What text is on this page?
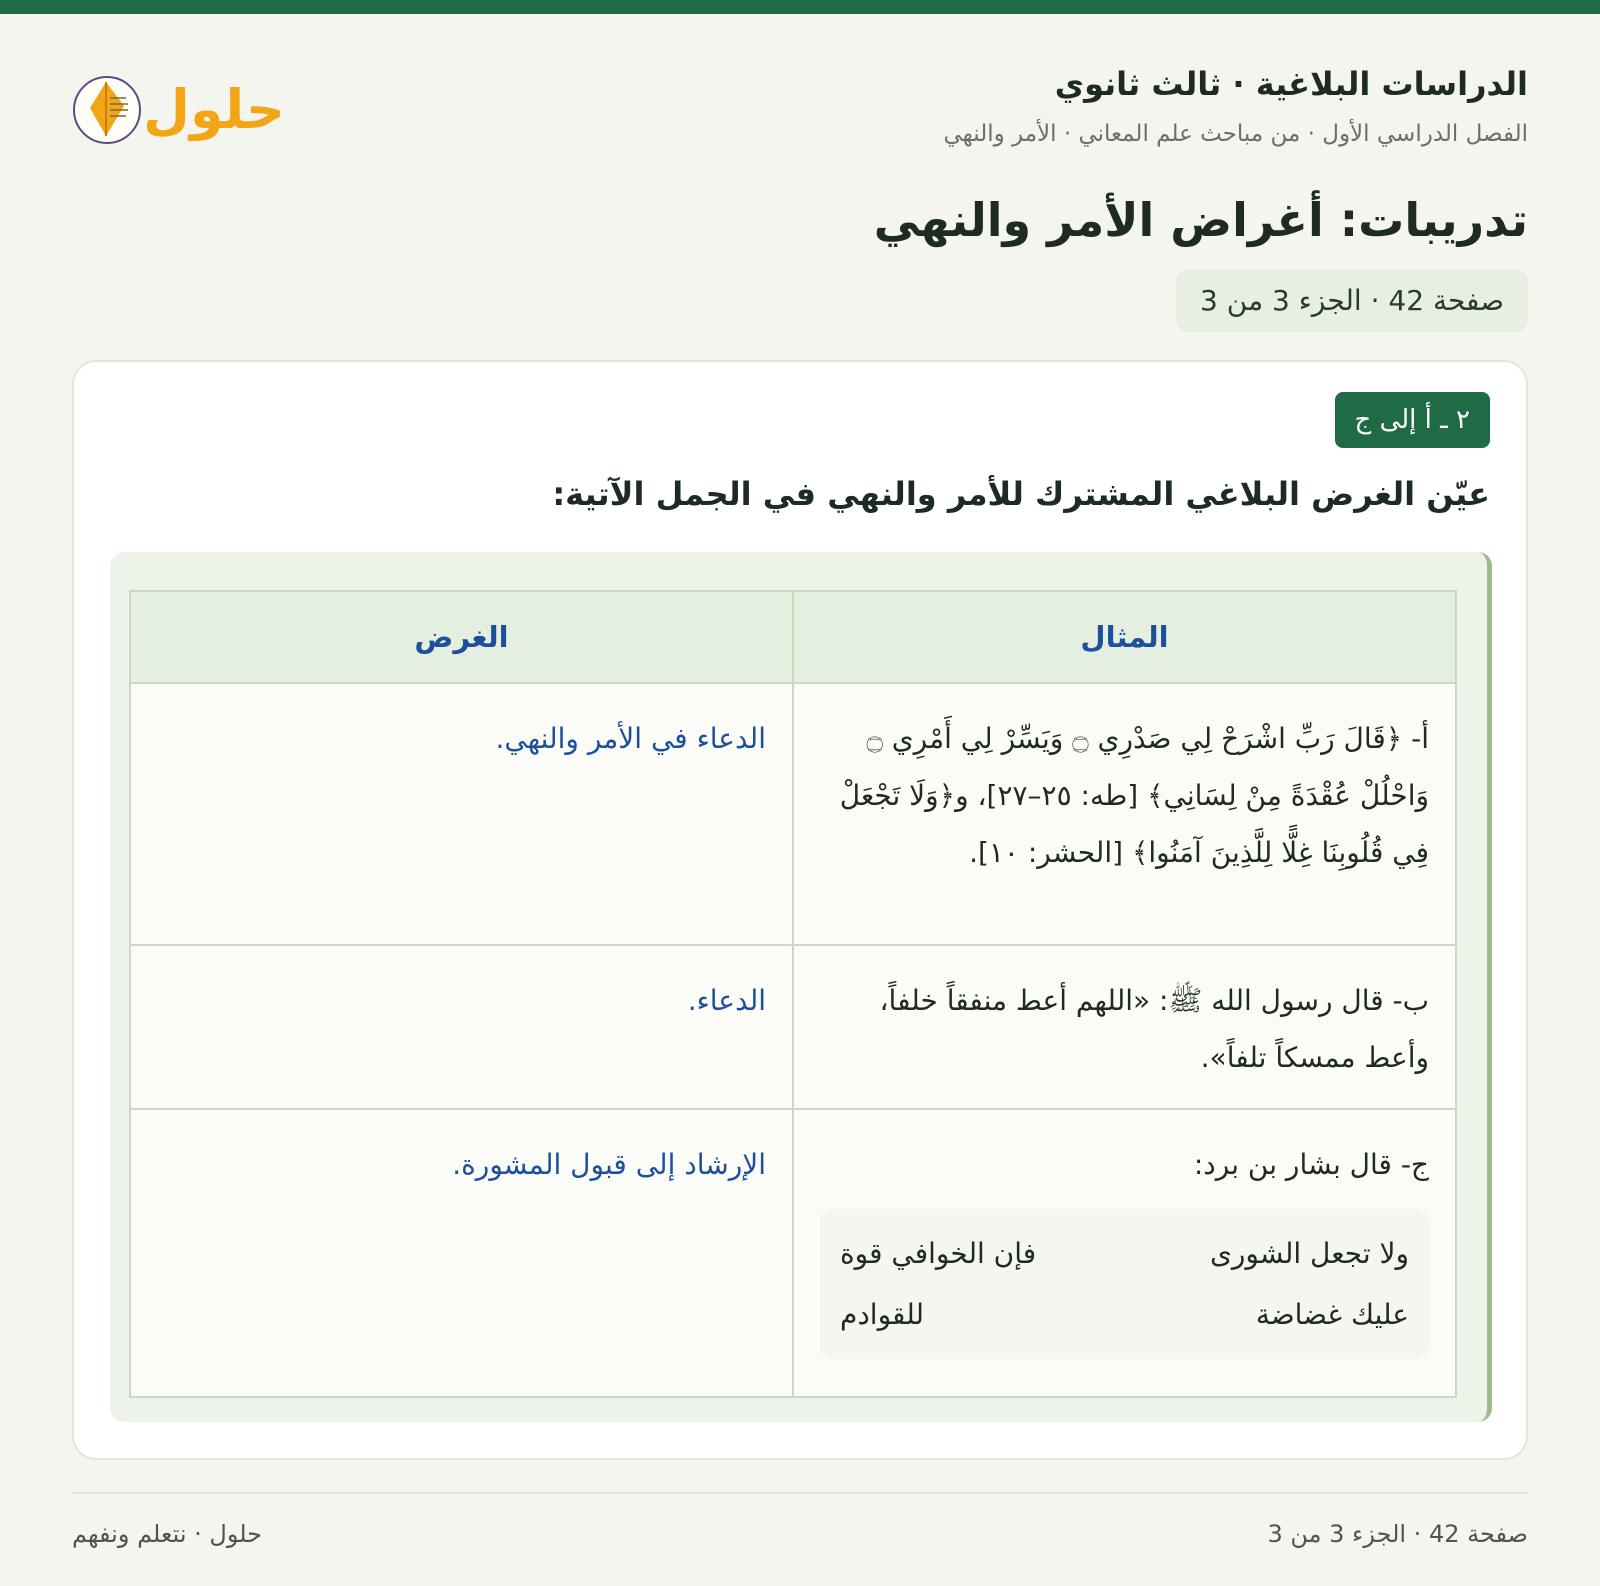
الدراسات البلاغية · ثالث ثانوي
الفصل الدراسي الأول · من مباحث علم المعاني · الأمر والنهي
حلول
تدريبات: أغراض الأمر والنهي
صفحة 42 · الجزء 3 من 3
٢ ـ أ إلى ج
عيّن الغرض البلاغي المشترك للأمر والنهي في الجمل الآتية:
المثال	الغرض

أ- ﴿قَالَ رَبِّ اشْرَحْ لِي صَدْرِي ۝ وَيَسِّرْ لِي أَمْرِي ۝ وَاحْلُلْ عُقْدَةً مِنْ لِسَانِي﴾ [طه: ٢٥–٢٧]، و﴿وَلَا تَجْعَلْ فِي قُلُوبِنَا غِلًّا لِلَّذِينَ آمَنُوا﴾ [الحشر: ١٠].	الدعاء في الأمر والنهي.

ب- قال رسول الله ﷺ: «اللهم أعط منفقاً خلفاً، وأعط ممسكاً تلفاً».	الدعاء.

ج- قال بشار بن برد:
ولا تجعل الشورى عليك غضاضة
فإن الخوافي قوة للقوادم	الإرشاد إلى قبول المشورة.
صفحة 42 · الجزء 3 من 3
حلول · نتعلم ونفهم
